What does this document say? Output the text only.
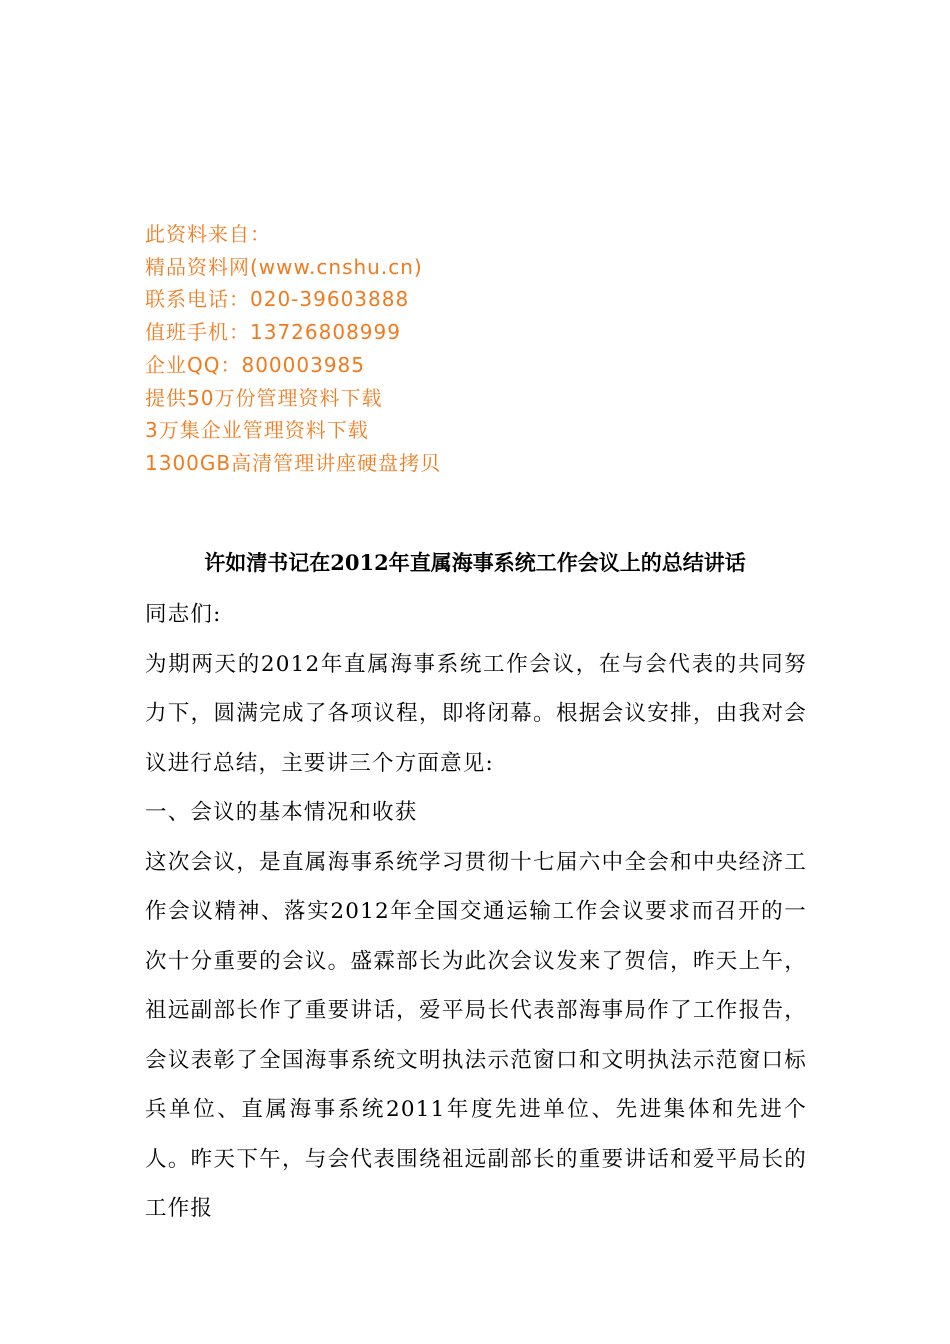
此资料来自：
精品资料网(www.cnshu.cn)
联系电话：020-39603888
值班手机：13726808999
企业QQ：800003985
提供50万份管理资料下载
3万集企业管理资料下载
1300GB高清管理讲座硬盘拷贝
许如清书记在2012年直属海事系统工作会议上的总结讲话

同志们:

为期两天的2012年直属海事系统工作会议，在与会代表的共同努力下，圆满完成了各项议程，即将闭幕。根据会议安排，由我对会议进行总结，主要讲三个方面意见:

一、会议的基本情况和收获

这次会议，是直属海事系统学习贯彻十七届六中全会和中央经济工作会议精神、落实2012年全国交通运输工作会议要求而召开的一次十分重要的会议。盛霖部长为此次会议发来了贺信，昨天上午，祖远副部长作了重要讲话，爱平局长代表部海事局作了工作报告，会议表彰了全国海事系统文明执法示范窗口和文明执法示范窗口标兵单位、直属海事系统2011年度先进单位、先进集体和先进个人。昨天下午，与会代表围绕祖远副部长的重要讲话和爱平局长的工作报
